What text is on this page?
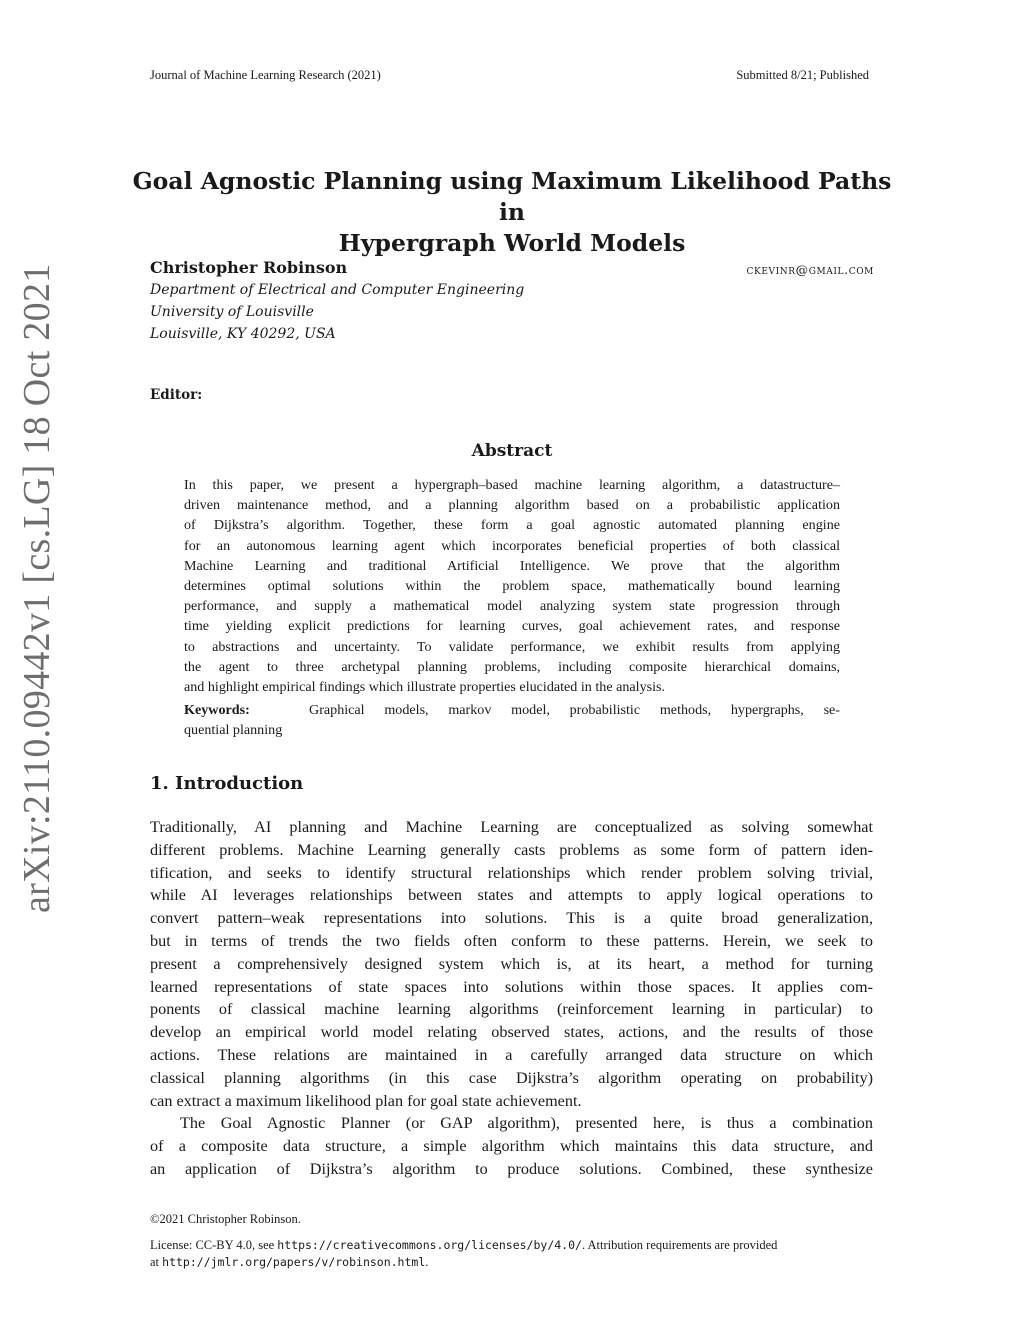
Journal of Machine Learning Research (2021)	Submitted 8/21; Published
Goal Agnostic Planning using Maximum Likelihood Paths in
Hypergraph World Models
Christopher Robinson	ckevinr@gmail.com
Department of Electrical and Computer Engineering
University of Louisville
Louisville, KY 40292, USA
Editor:
Abstract
In this paper, we present a hypergraph–based machine learning algorithm, a datastructure–
driven maintenance method, and a planning algorithm based on a probabilistic application
of Dijkstra’s algorithm. Together, these form a goal agnostic automated planning engine
for an autonomous learning agent which incorporates beneficial properties of both classical
Machine Learning and traditional Artificial Intelligence. We prove that the algorithm
determines optimal solutions within the problem space, mathematically bound learning
performance, and supply a mathematical model analyzing system state progression through
time yielding explicit predictions for learning curves, goal achievement rates, and response
to abstractions and uncertainty. To validate performance, we exhibit results from applying
the agent to three archetypal planning problems, including composite hierarchical domains,
and highlight empirical findings which illustrate properties elucidated in the analysis.
Keywords:	Graphical models, markov model, probabilistic methods, hypergraphs, se-
quential planning
1. Introduction
Traditionally, AI planning and Machine Learning are conceptualized as solving somewhat
different problems. Machine Learning generally casts problems as some form of pattern iden-
tification, and seeks to identify structural relationships which render problem solving trivial,
while AI leverages relationships between states and attempts to apply logical operations to
convert pattern–weak representations into solutions. This is a quite broad generalization,
but in terms of trends the two fields often conform to these patterns. Herein, we seek to
present a comprehensively designed system which is, at its heart, a method for turning
learned representations of state spaces into solutions within those spaces. It applies com-
ponents of classical machine learning algorithms (reinforcement learning in particular) to
develop an empirical world model relating observed states, actions, and the results of those
actions. These relations are maintained in a carefully arranged data structure on which
classical planning algorithms (in this case Dijkstra’s algorithm operating on probability)
can extract a maximum likelihood plan for goal state achievement.
The Goal Agnostic Planner (or GAP algorithm), presented here, is thus a combination
of a composite data structure, a simple algorithm which maintains this data structure, and
an application of Dijkstra’s algorithm to produce solutions. Combined, these synthesize
©2021 Christopher Robinson.
License: CC-BY 4.0, see https://creativecommons.org/licenses/by/4.0/. Attribution requirements are provided
at http://jmlr.org/papers/v/robinson.html.
arXiv:2110.09442v1 [cs.LG] 18 Oct 2021
